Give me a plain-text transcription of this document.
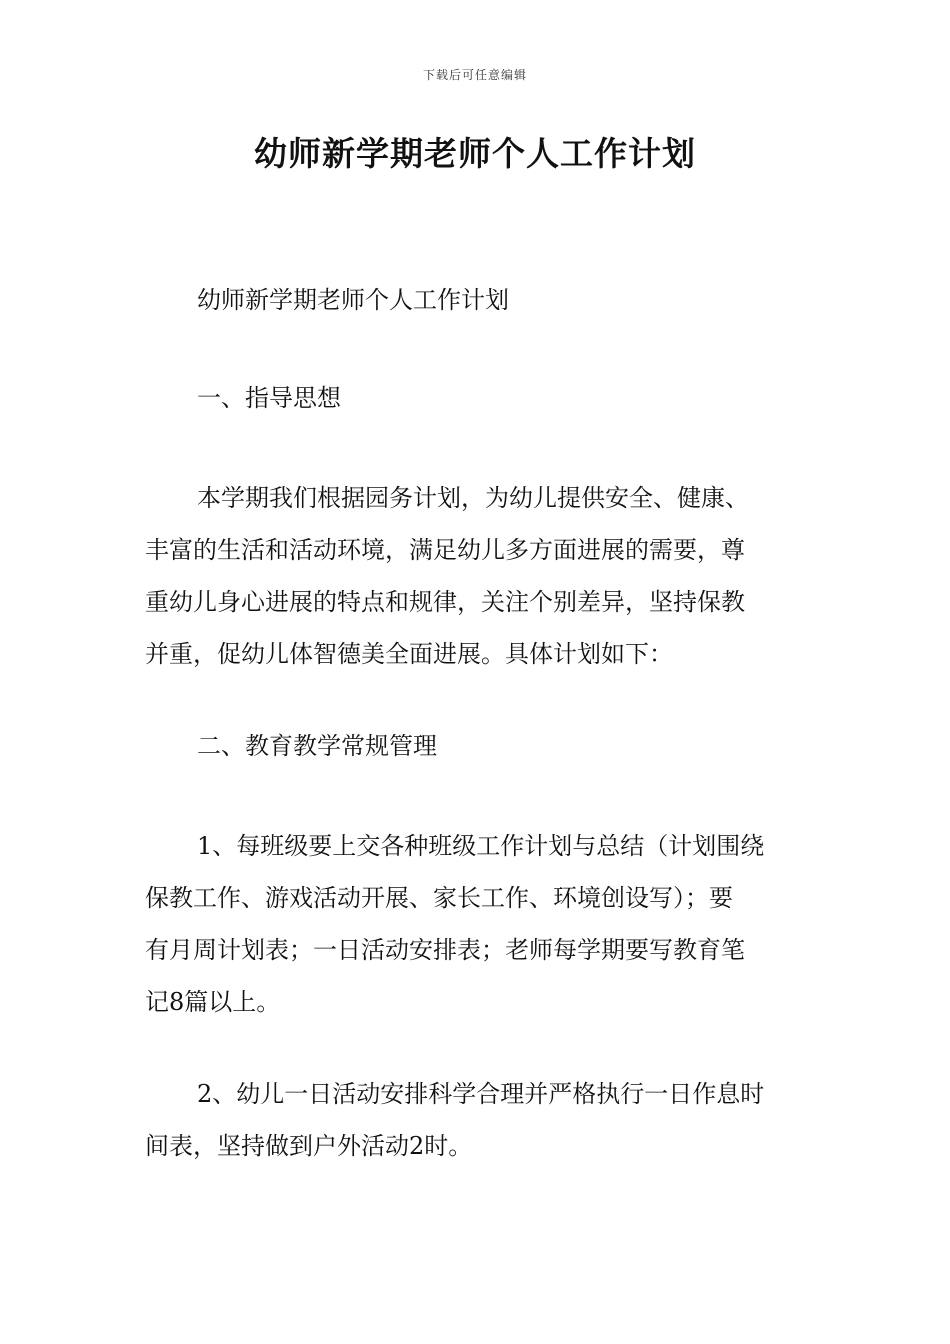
下载后可任意编辑
幼师新学期老师个人工作计划
幼师新学期老师个人工作计划
一、指导思想
本学期我们根据园务计划，为幼儿提供安全、健康、
丰富的生活和活动环境，满足幼儿多方面进展的需要，尊
重幼儿身心进展的特点和规律，关注个别差异，坚持保教
并重，促幼儿体智德美全面进展。具体计划如下：
二、教育教学常规管理
1、每班级要上交各种班级工作计划与总结（计划围绕
保教工作、游戏活动开展、家长工作、环境创设写）；要
有月周计划表；一日活动安排表；老师每学期要写教育笔
记8篇以上。
2、幼儿一日活动安排科学合理并严格执行一日作息时
间表，坚持做到户外活动2时。
